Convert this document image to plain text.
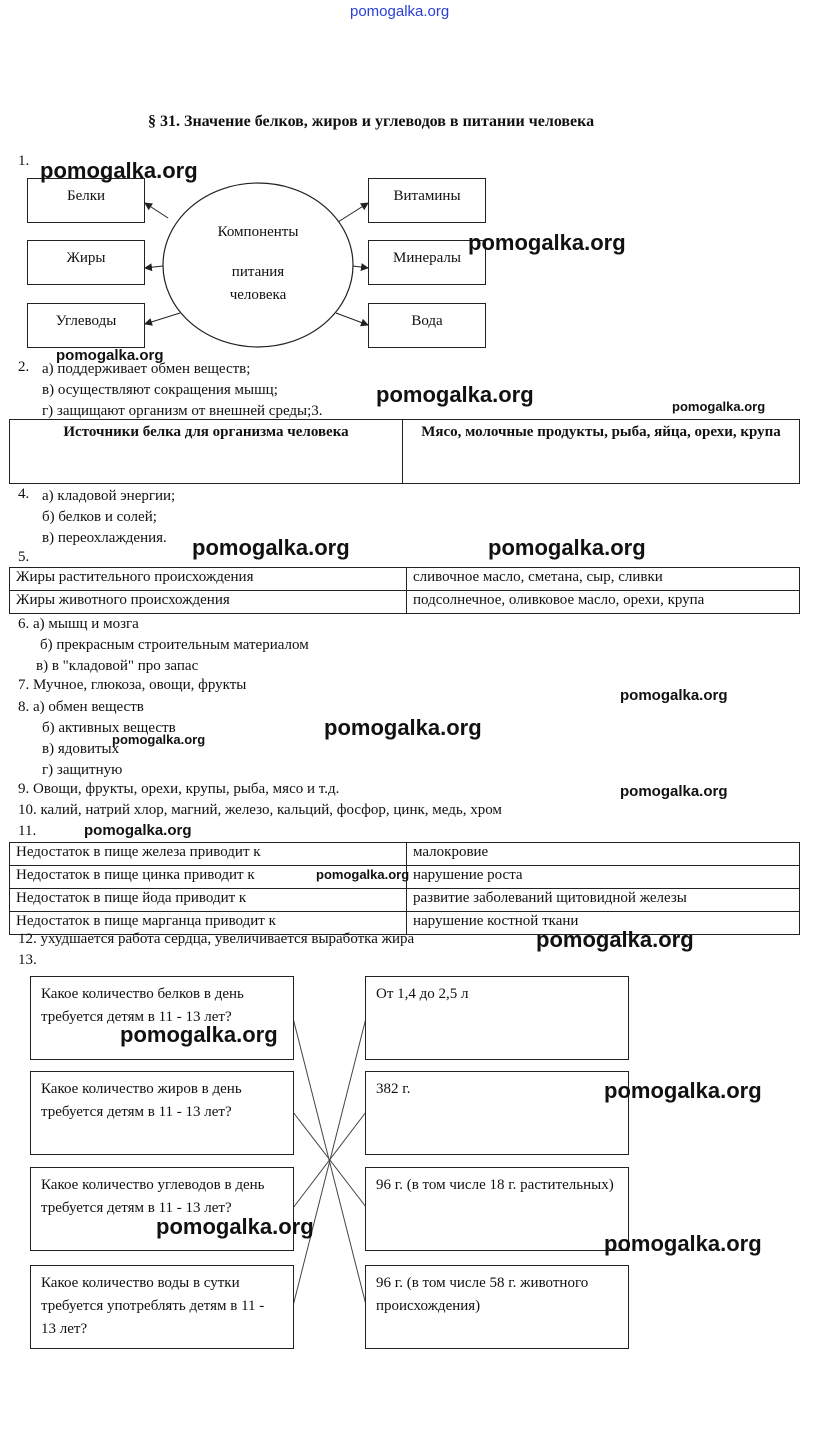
pomogalka.org
§ 31. Значение белков, жиров и углеводов в питании человека
1.
Компоненты
питания
человека
Белки
Жиры
Углеводы
Витамины
Минералы
Вода
2. а) поддерживает обмен веществ;
в) осуществляют сокращения мышц;
г) защищают организм от внешней среды;3.
Источники белка для организма человека	Мясо, молочные продукты, рыба, яйца, орехи, крупа
4. а) кладовой энергии;
б) белков и солей;
в) переохлаждения.
5.
Жиры растительного происхождения	сливочное масло, сметана, сыр, сливки
Жиры животного происхождения	подсолнечное, оливковое масло, орехи, крупа
6. а) мышц и мозга
б) прекрасным строительным материалом
в) в "кладовой" про запас
7. Мучное, глюкоза, овощи, фрукты
8. а) обмен веществ
б) активных веществ
в) ядовитых
г) защитную
9. Овощи, фрукты, орехи, крупы, рыба, мясо и т.д.
10. калий, натрий хлор, магний, железо, кальций, фосфор, цинк, медь, хром
11.
Недостаток в пище железа приводит к	малокровие
Недостаток в пище цинка приводит к	нарушение роста
Недостаток в пище йода приводит к	развитие заболеваний щитовидной железы
Недостаток в пище марганца приводит к	нарушение костной ткани
12. ухудшается работа сердца, увеличивается выработка жира
13.
Какое количество белков в день требуется детям в 11 - 13 лет?
Какое количество жиров в день требуется детям в 11 - 13 лет?
Какое количество углеводов в день требуется детям в 11 - 13 лет?
Какое количество воды в сутки требуется употреблять детям в 11 - 13 лет?
От 1,4 до 2,5 л
382 г.
96 г. (в том числе 18 г. растительных)
96 г. (в том числе 58 г. животного происхождения)
pomogalka.org
pomogalka.org
pomogalka.org
pomogalka.org	pomogalka.org
pomogalka.org	pomogalka.org
pomogalka.org
pomogalka.org
pomogalka.org
pomogalka.org
pomogalka.org
pomogalka.org
pomogalka.org
pomogalka.org
pomogalka.org
pomogalka.org
pomogalka.org
